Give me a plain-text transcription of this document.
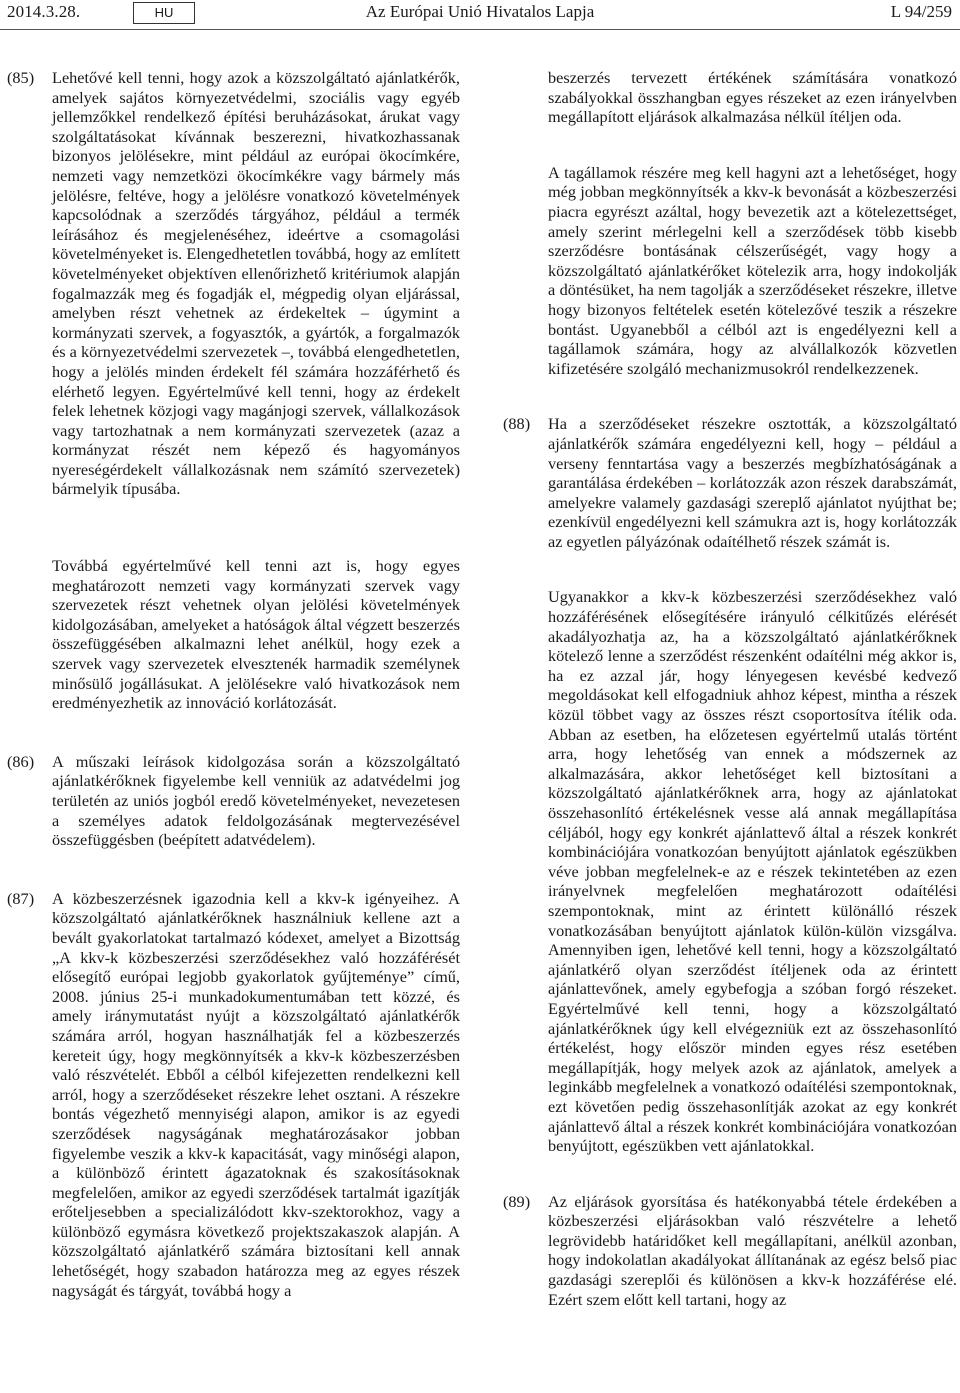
2014.3.28.	HU	Az Európai Unió Hivatalos Lapja	L 94/259
(85) Lehetővé kell tenni, hogy azok a közszolgáltató ajánlatkérők, amelyek sajátos környezetvédelmi, szociális vagy egyéb jellemzőkkel rendelkező építési beruházásokat, árukat vagy szolgáltatásokat kívánnak beszerezni, hivatkozhassanak bizonyos jelölésekre, mint például az európai ökocímkére, nemzeti vagy nemzetközi ökocímkékre vagy bármely más jelölésre, feltéve, hogy a jelölésre vonatkozó követelmények kapcsolódnak a szerződés tárgyához, például a termék leírásához és megjelenéséhez, ideértve a csomagolási követelményeket is. Elengedhetetlen továbbá, hogy az említett követelményeket objektíven ellenőrizhető kritériumok alapján fogalmazzák meg és fogadják el, mégpedig olyan eljárással, amelyben részt vehetnek az érdekeltek – úgymint a kormányzati szervek, a fogyasztók, a gyártók, a forgalmazók és a környezetvédelmi szervezetek –, továbbá elengedhetetlen, hogy a jelölés minden érdekelt fél számára hozzáférhető és elérhető legyen. Egyértelművé kell tenni, hogy az érdekelt felek lehetnek közjogi vagy magánjogi szervek, vállalkozások vagy tartozhatnak a nem kormányzati szervezetek (azaz a kormányzat részét nem képező és hagyományos nyereségérdekelt vállalkozásnak nem számító szervezetek) bármelyik típusába.

Továbbá egyértelművé kell tenni azt is, hogy egyes meghatározott nemzeti vagy kormányzati szervek vagy szervezetek részt vehetnek olyan jelölési követelmények kidolgozásában, amelyeket a hatóságok által végzett beszerzés összefüggésében alkalmazni lehet anélkül, hogy ezek a szervek vagy szervezetek elvesztenék harmadik személynek minősülő jogállásukat. A jelölésekre való hivatkozások nem eredményezhetik az innováció korlátozását.

(86) A műszaki leírások kidolgozása során a közszolgáltató ajánlatkérőknek figyelembe kell venniük az adatvédelmi jog területén az uniós jogból eredő követelményeket, nevezetesen a személyes adatok feldolgozásának megtervezésével összefüggésben (beépített adatvédelem).

(87) A közbeszerzésnek igazodnia kell a kkv-k igényeihez. A közszolgáltató ajánlatkérőknek használniuk kellene azt a bevált gyakorlatokat tartalmazó kódexet, amelyet a Bizottság „A kkv-k közbeszerzési szerződésekhez való hozzáférését elősegítő európai legjobb gyakorlatok gyűjteménye” című, 2008. június 25-i munkadokumentumában tett közzé, és amely iránymutatást nyújt a közszolgáltató ajánlatkérők számára arról, hogyan használhatják fel a közbeszerzés kereteit úgy, hogy megkönnyítsék a kkv-k közbeszerzésben való részvételét. Ebből a célból kifejezetten rendelkezni kell arról, hogy a szerződéseket részekre lehet osztani. A részekre bontás végezhető mennyiségi alapon, amikor is az egyedi szerződések nagyságának meghatározásakor jobban figyelembe veszik a kkv-k kapacitását, vagy minőségi alapon, a különböző érintett ágazatoknak és szakosításoknak megfelelően, amikor az egyedi szerződések tartalmát igazítják erőteljesebben a specializálódott kkv-szektorokhoz, vagy a különböző egymásra következő projektszakaszok alapján. A közszolgáltató ajánlatkérő számára biztosítani kell annak lehetőségét, hogy szabadon határozza meg az egyes részek nagyságát és tárgyát, továbbá hogy a

beszerzés tervezett értékének számítására vonatkozó szabályokkal összhangban egyes részeket az ezen irányelvben megállapított eljárások alkalmazása nélkül ítéljen oda.

A tagállamok részére meg kell hagyni azt a lehetőséget, hogy még jobban megkönnyítsék a kkv-k bevonását a közbeszerzési piacra egyrészt azáltal, hogy bevezetik azt a kötelezettséget, amely szerint mérlegelni kell a szerződések több kisebb szerződésre bontásának célszerűségét, vagy hogy a közszolgáltató ajánlatkérőket kötelezik arra, hogy indokolják a döntésüket, ha nem tagolják a szerződéseket részekre, illetve hogy bizonyos feltételek esetén kötelezővé teszik a részekre bontást. Ugyanebből a célból azt is engedélyezni kell a tagállamok számára, hogy az alvállalkozók közvetlen kifizetésére szolgáló mechanizmusokról rendelkezzenek.

(88) Ha a szerződéseket részekre osztották, a közszolgáltató ajánlatkérők számára engedélyezni kell, hogy – például a verseny fenntartása vagy a beszerzés megbízhatóságának a garantálása érdekében – korlátozzák azon részek darabszámát, amelyekre valamely gazdasági szereplő ajánlatot nyújthat be; ezenkívül engedélyezni kell számukra azt is, hogy korlátozzák az egyetlen pályázónak odaítélhető részek számát is.

Ugyanakkor a kkv-k közbeszerzési szerződésekhez való hozzáférésének elősegítésére irányuló célkitűzés elérését akadályozhatja az, ha a közszolgáltató ajánlatkérőknek kötelező lenne a szerződést részenként odaítélni még akkor is, ha ez azzal jár, hogy lényegesen kevésbé kedvező megoldásokat kell elfogadniuk ahhoz képest, mintha a részek közül többet vagy az összes részt csoportosítva ítélik oda. Abban az esetben, ha előzetesen egyértelmű utalás történt arra, hogy lehetőség van ennek a módszernek az alkalmazására, akkor lehetőséget kell biztosítani a közszolgáltató ajánlatkérőknek arra, hogy az ajánlatokat összehasonlító értékelésnek vesse alá annak megállapítása céljából, hogy egy konkrét ajánlattevő által a részek konkrét kombinációjára vonatkozóan benyújtott ajánlatok egészükben véve jobban megfelelnek-e az e részek tekintetében az ezen irányelvnek megfelelően meghatározott odaítélési szempontoknak, mint az érintett különálló részek vonatkozásában benyújtott ajánlatok külön-külön vizsgálva. Amennyiben igen, lehetővé kell tenni, hogy a közszolgáltató ajánlatkérő olyan szerződést ítéljenek oda az érintett ajánlattevőnek, amely egybefogja a szóban forgó részeket. Egyértelművé kell tenni, hogy a közszolgáltató ajánlatkérőknek úgy kell elvégezniük ezt az összehasonlító értékelést, hogy először minden egyes rész esetében megállapítják, hogy melyek azok az ajánlatok, amelyek a leginkább megfelelnek a vonatkozó odaítélési szempontoknak, ezt követően pedig összehasonlítják azokat az egy konkrét ajánlattevő által a részek konkrét kombinációjára vonatkozóan benyújtott, egészükben vett ajánlatokkal.

(89) Az eljárások gyorsítása és hatékonyabbá tétele érdekében a közbeszerzési eljárásokban való részvételre a lehető legrövidebb határidőket kell megállapítani, anélkül azonban, hogy indokolatlan akadályokat állítanának az egész belső piac gazdasági szereplői és különösen a kkv-k hozzáférése elé. Ezért szem előtt kell tartani, hogy az
